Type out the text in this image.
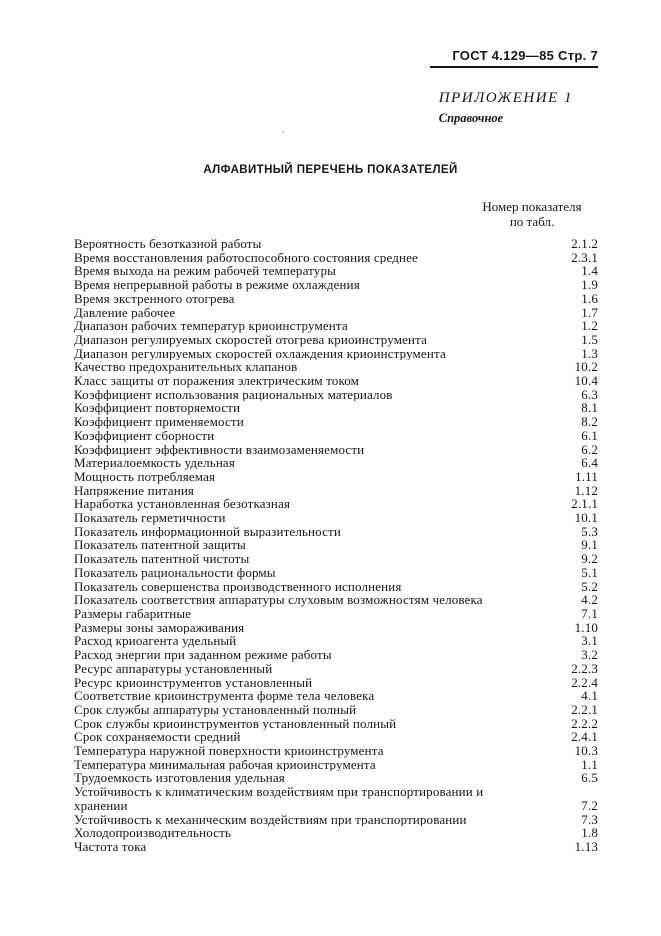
ГОСТ 4.129—85 Стр. 7
ПРИЛОЖЕНИЕ 1
Справочное
·
АЛФАВИТНЫЙ ПЕРЕЧЕНЬ ПОКАЗАТЕЛЕЙ
Номер показателя
по табл.
Вероятность безотказной работы	2.1.2
Время восстановления работоспособного состояния среднее	2.3.1
Время выхода на режим рабочей температуры	1.4
Время непрерывной работы в режиме охлаждения	1.9
Время экстренного отогрева	1.6
Давление рабочее	1.7
Диапазон рабочих температур криоинструмента	1.2
Диапазон регулируемых скоростей отогрева криоинструмента	1.5
Диапазон регулируемых скоростей охлаждения криоинструмента	1.3
Качество предохранительных клапанов	10.2
Класс защиты от поражения электрическим током	10.4
Коэффициент использования рациональных материалов	6.3
Коэффициент повторяемости	8.1
Коэффициент применяемости	8.2
Коэффициент сборности	6.1
Коэффициент эффективности взаимозаменяемости	6.2
Материалоемкость удельная	6.4
Мощность потребляемая	1.11
Напряжение питания	1.12
Наработка установленная безотказная	2.1.1
Показатель герметичности	10.1
Показатель информационной выразительности	5.3
Показатель патентной защиты	9.1
Показатель патентной чистоты	9.2
Показатель рациональности формы	5.1
Показатель совершенства производственного исполнения	5.2
Показатель соответствия аппаратуры слуховым возможностям человека	4.2
Размеры габаритные	7.1
Размеры зоны замораживания	1.10
Расход криоагента удельный	3.1
Расход энергии при заданном режиме работы	3.2
Ресурс аппаратуры установленный	2.2.3
Ресурс криоинструментов установленный	2.2.4
Соответствие криоинструмента форме тела человека	4.1
Срок службы аппаратуры установленный полный	2.2.1
Срок службы криоинструментов установленный полный	2.2.2
Срок сохраняемости средний	2.4.1
Температура наружной поверхности криоинструмента	10.3
Температура минимальная рабочая криоинструмента	1.1
Трудоемкость изготовления удельная	6.5
Устойчивость к климатическим воздействиям при транспортировании и хранении	7.2
Устойчивость к механическим воздействиям при транспортировании	7.3
Холодопроизводительность	1.8
Частота тока	1.13
